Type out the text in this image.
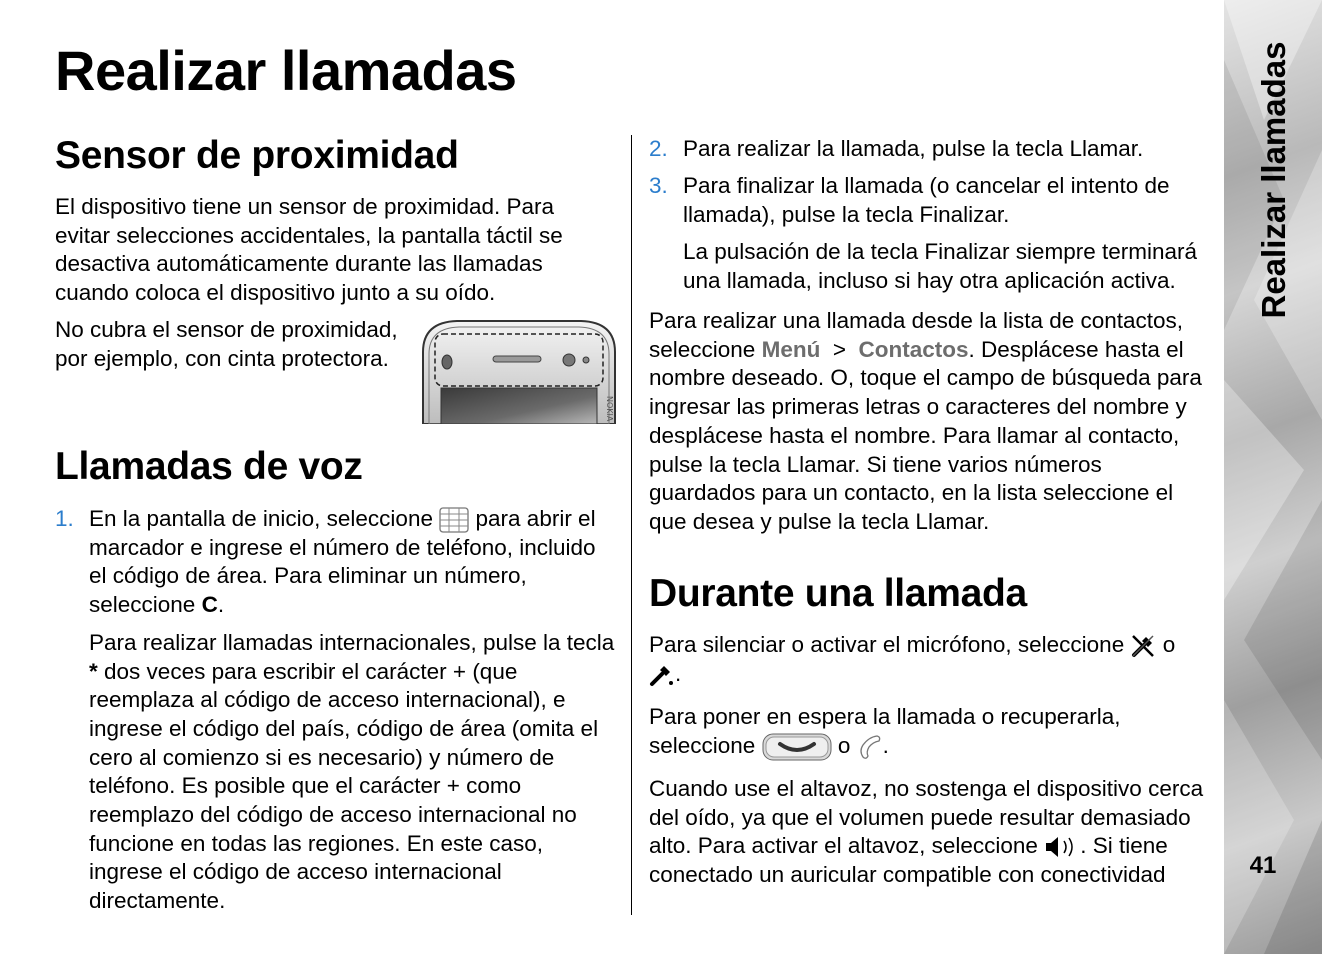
Realizar llamadas
Sensor de proximidad

El dispositivo tiene un sensor de proximidad. Para evitar selecciones accidentales, la pantalla táctil se desactiva automáticamente durante las llamadas cuando coloca el dispositivo junto a su oído.

No cubra el sensor de proximidad,
por ejemplo, con cinta protectora.

NOKIA
Llamadas de voz

1. En la pantalla de inicio, seleccione para abrir el marcador e ingrese el número de teléfono, incluido el código de área. Para eliminar un número, seleccione C.

Para realizar llamadas internacionales, pulse la tecla * dos veces para escribir el carácter + (que reemplaza al código de acceso internacional), e ingrese el código del país, código de área (omita el cero al comienzo si es necesario) y número de teléfono. Es posible que el carácter + como reemplazo del código de acceso internacional no funcione en todas las regiones. En este caso, ingrese el código de acceso internacional directamente.

2. Para realizar la llamada, pulse la tecla Llamar.

3. Para finalizar la llamada (o cancelar el intento de llamada), pulse la tecla Finalizar.

La pulsación de la tecla Finalizar siempre terminará una llamada, incluso si hay otra aplicación activa.

Para realizar una llamada desde la lista de contactos, seleccione Menú > Contactos. Desplácese hasta el nombre deseado. O, toque el campo de búsqueda para ingresar las primeras letras o caracteres del nombre y desplácese hasta el nombre. Para llamar al contacto, pulse la tecla Llamar. Si tiene varios números guardados para un contacto, en la lista seleccione el que desea y pulse la tecla Llamar.

Durante una llamada

Para silenciar o activar el micrófono, seleccione o
.

Para poner en espera la llamada o recuperarla, seleccione	o .

Cuando use el altavoz, no sostenga el dispositivo cerca del oído, ya que el volumen puede resultar demasiado alto. Para activar el altavoz, seleccione . Si tiene conectado un auricular compatible con conectividad

Realizar llamadas
41
